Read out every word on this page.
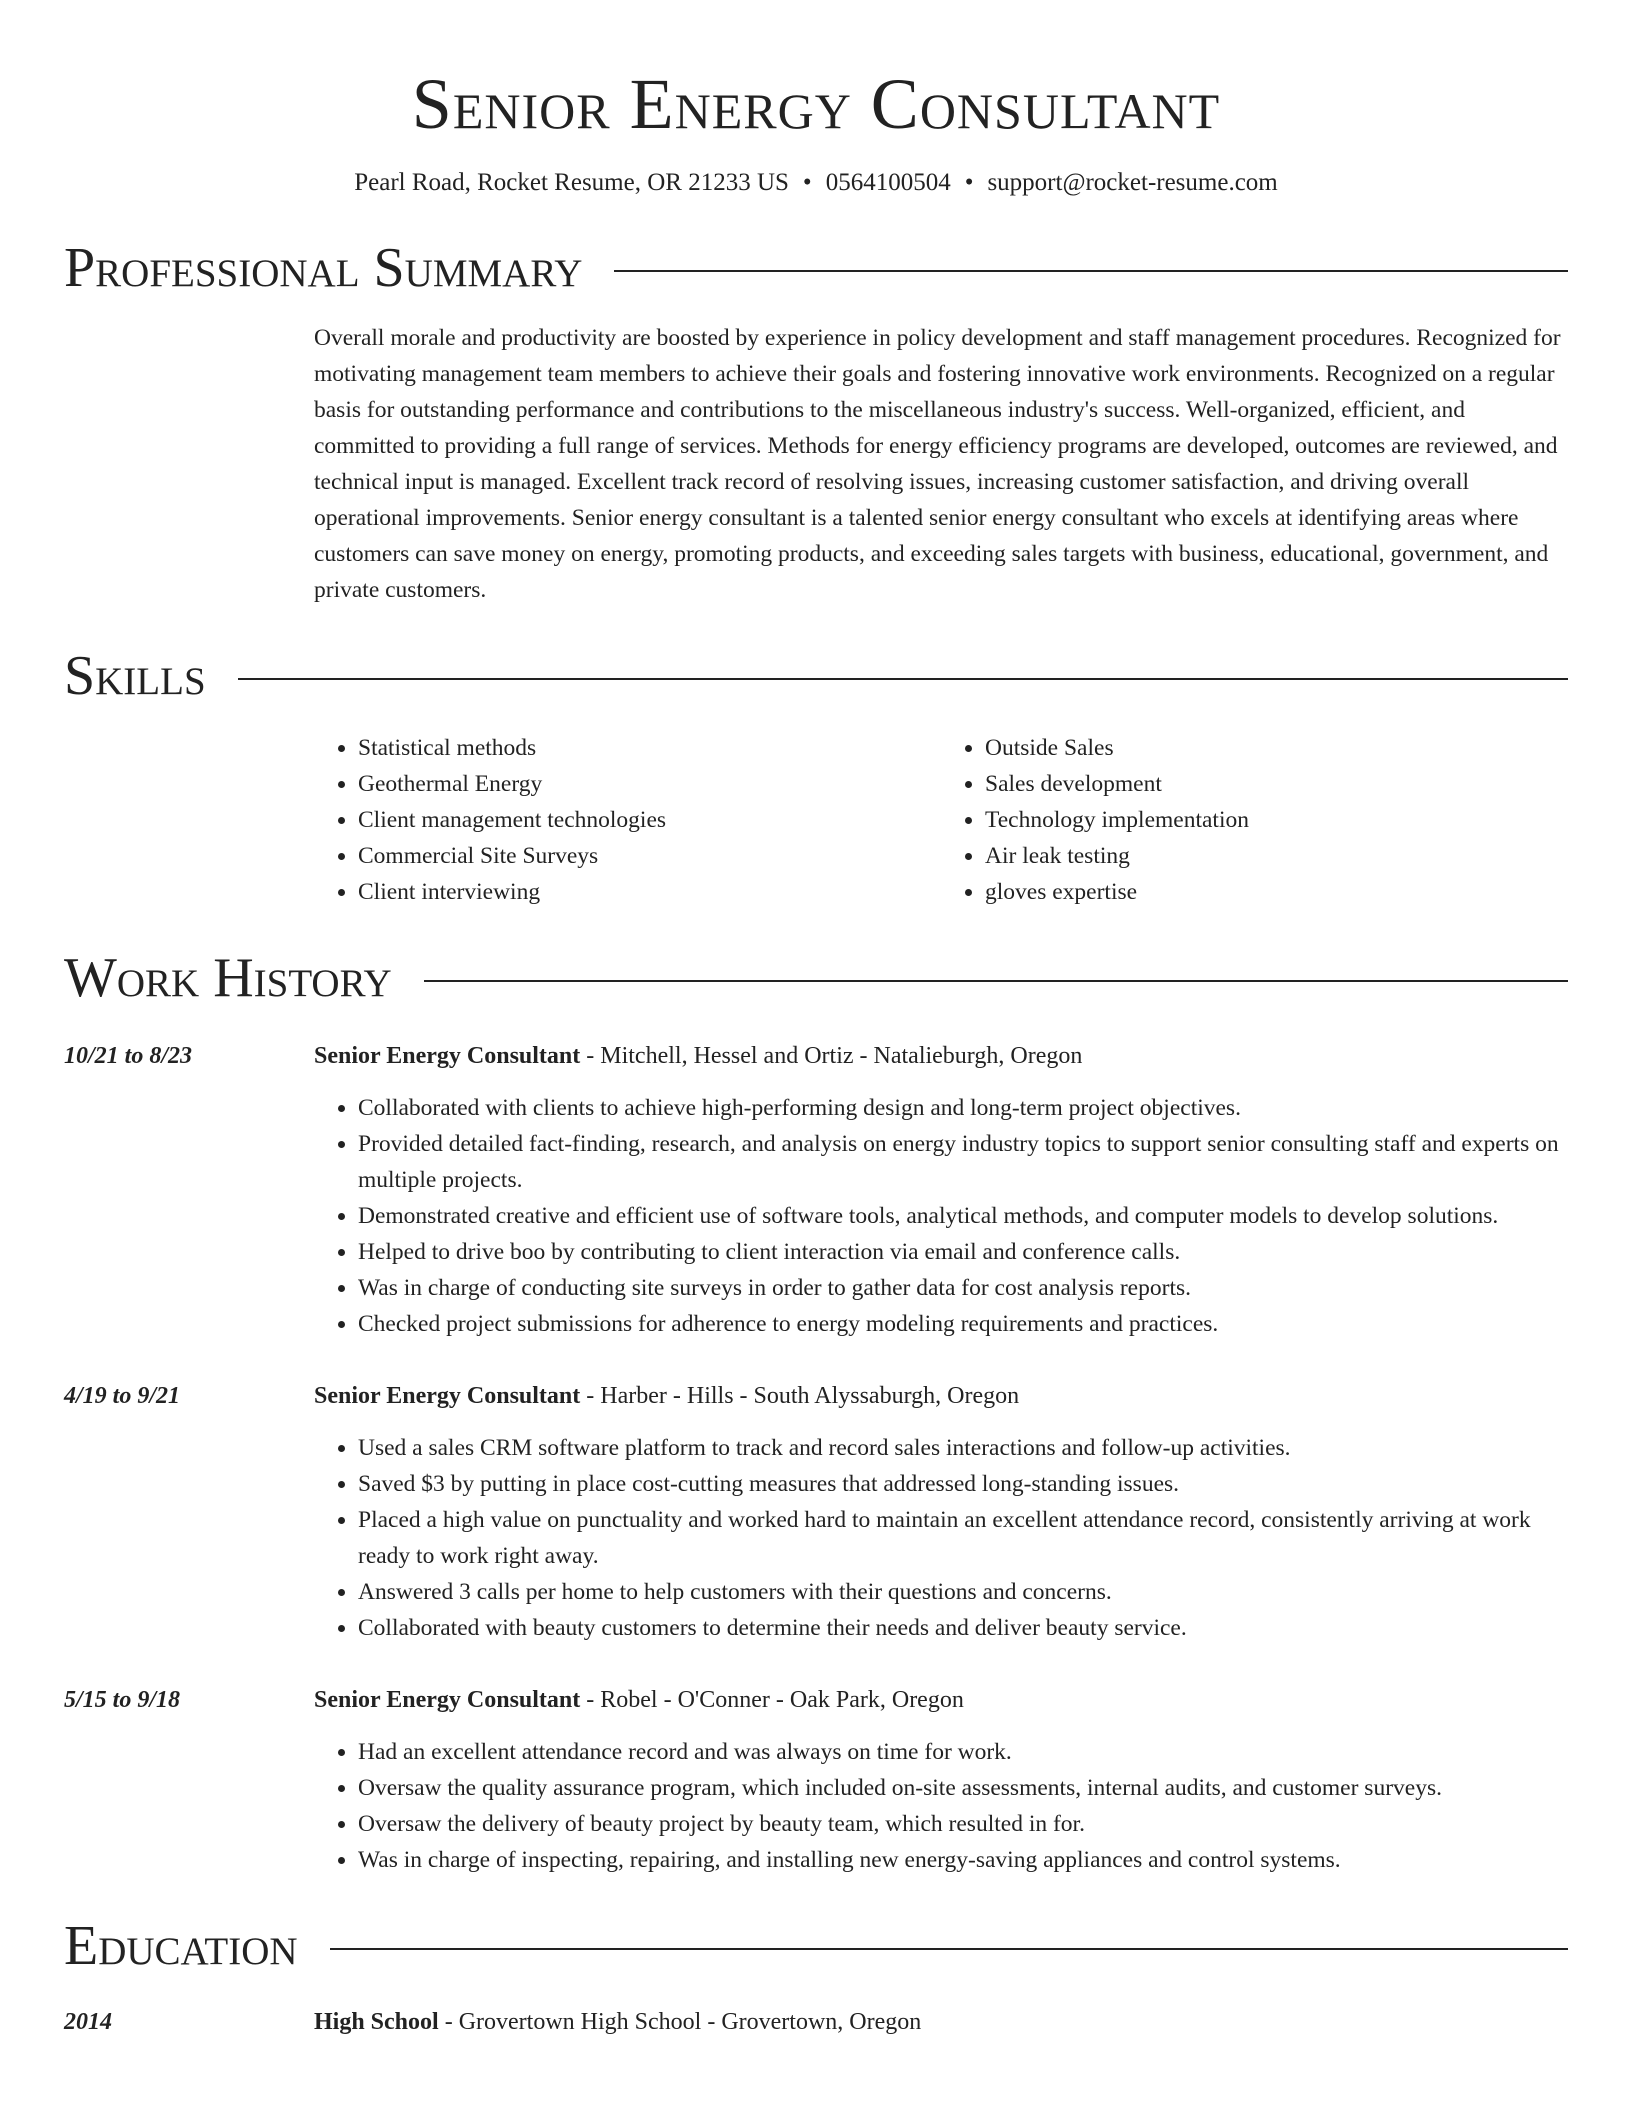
Senior Energy Consultant
Pearl Road, Rocket Resume, OR 21233 US • 0564100504 • support@rocket-resume.com
Professional Summary
Overall morale and productivity are boosted by experience in policy development and staff management procedures. Recognized for motivating management team members to achieve their goals and fostering innovative work environments. Recognized on a regular basis for outstanding performance and contributions to the miscellaneous industry's success. Well-organized, efficient, and committed to providing a full range of services. Methods for energy efficiency programs are developed, outcomes are reviewed, and technical input is managed. Excellent track record of resolving issues, increasing customer satisfaction, and driving overall operational improvements. Senior energy consultant is a talented senior energy consultant who excels at identifying areas where customers can save money on energy, promoting products, and exceeding sales targets with business, educational, government, and private customers.
Skills
• Statistical methods
• Geothermal Energy
• Client management technologies
• Commercial Site Surveys
• Client interviewing
• Outside Sales
• Sales development
• Technology implementation
• Air leak testing
• gloves expertise
Work History
10/21 to 8/23	Senior Energy Consultant - Mitchell, Hessel and Ortiz - Natalieburgh, Oregon
• Collaborated with clients to achieve high-performing design and long-term project objectives.
• Provided detailed fact-finding, research, and analysis on energy industry topics to support senior consulting staff and experts on multiple projects.
• Demonstrated creative and efficient use of software tools, analytical methods, and computer models to develop solutions.
• Helped to drive boo by contributing to client interaction via email and conference calls.
• Was in charge of conducting site surveys in order to gather data for cost analysis reports.
• Checked project submissions for adherence to energy modeling requirements and practices.
4/19 to 9/21	Senior Energy Consultant - Harber - Hills - South Alyssaburgh, Oregon
• Used a sales CRM software platform to track and record sales interactions and follow-up activities.
• Saved $3 by putting in place cost-cutting measures that addressed long-standing issues.
• Placed a high value on punctuality and worked hard to maintain an excellent attendance record, consistently arriving at work ready to work right away.
• Answered 3 calls per home to help customers with their questions and concerns.
• Collaborated with beauty customers to determine their needs and deliver beauty service.
5/15 to 9/18	Senior Energy Consultant - Robel - O'Conner - Oak Park, Oregon
• Had an excellent attendance record and was always on time for work.
• Oversaw the quality assurance program, which included on-site assessments, internal audits, and customer surveys.
• Oversaw the delivery of beauty project by beauty team, which resulted in for.
• Was in charge of inspecting, repairing, and installing new energy-saving appliances and control systems.
Education
2014	High School - Grovertown High School - Grovertown, Oregon
